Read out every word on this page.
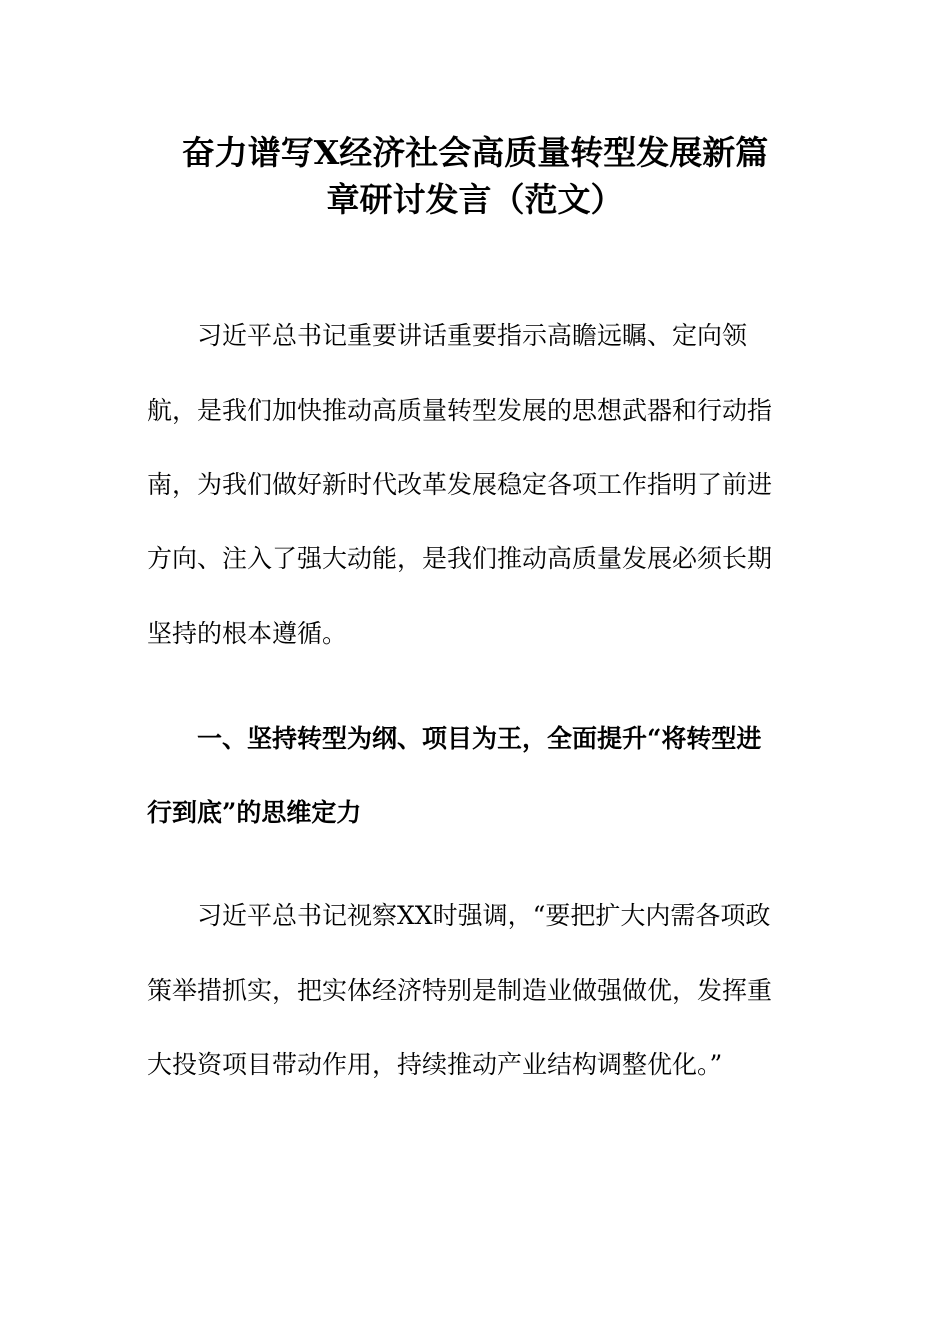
奋力谱写X经济社会高质量转型发展新篇
章研讨发言（范文）
习近平总书记重要讲话重要指示高瞻远瞩、定向领
航，是我们加快推动高质量转型发展的思想武器和行动指
南，为我们做好新时代改革发展稳定各项工作指明了前进
方向、注入了强大动能，是我们推动高质量发展必须长期
坚持的根本遵循。
一、坚持转型为纲、项目为王，全面提升“将转型进
行到底”的思维定力
习近平总书记视察XX时强调，“要把扩大内需各项政
策举措抓实，把实体经济特别是制造业做强做优，发挥重
大投资项目带动作用，持续推动产业结构调整优化。”
